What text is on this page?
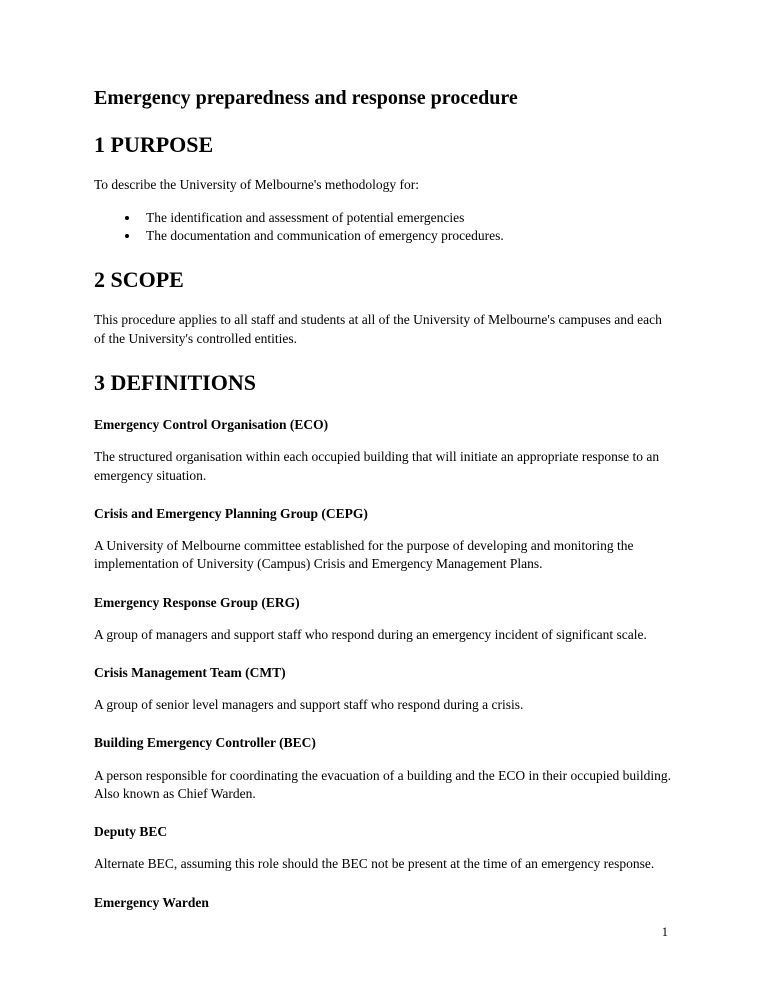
Emergency preparedness and response procedure
1 PURPOSE

To describe the University of Melbourne's methodology for:

• The identification and assessment of potential emergencies
• The documentation and communication of emergency procedures.
2 SCOPE

This procedure applies to all staff and students at all of the University of Melbourne's campuses and each of the University's controlled entities.

3 DEFINITIONS

Emergency Control Organisation (ECO)

The structured organisation within each occupied building that will initiate an appropriate response to an emergency situation.

Crisis and Emergency Planning Group (CEPG)

A University of Melbourne committee established for the purpose of developing and monitoring the implementation of University (Campus) Crisis and Emergency Management Plans.

Emergency Response Group (ERG)

A group of managers and support staff who respond during an emergency incident of significant scale.

Crisis Management Team (CMT)

A group of senior level managers and support staff who respond during a crisis.

Building Emergency Controller (BEC)

A person responsible for coordinating the evacuation of a building and the ECO in their occupied building. Also known as Chief Warden.

Deputy BEC

Alternate BEC, assuming this role should the BEC not be present at the time of an emergency response.

Emergency Warden

1
